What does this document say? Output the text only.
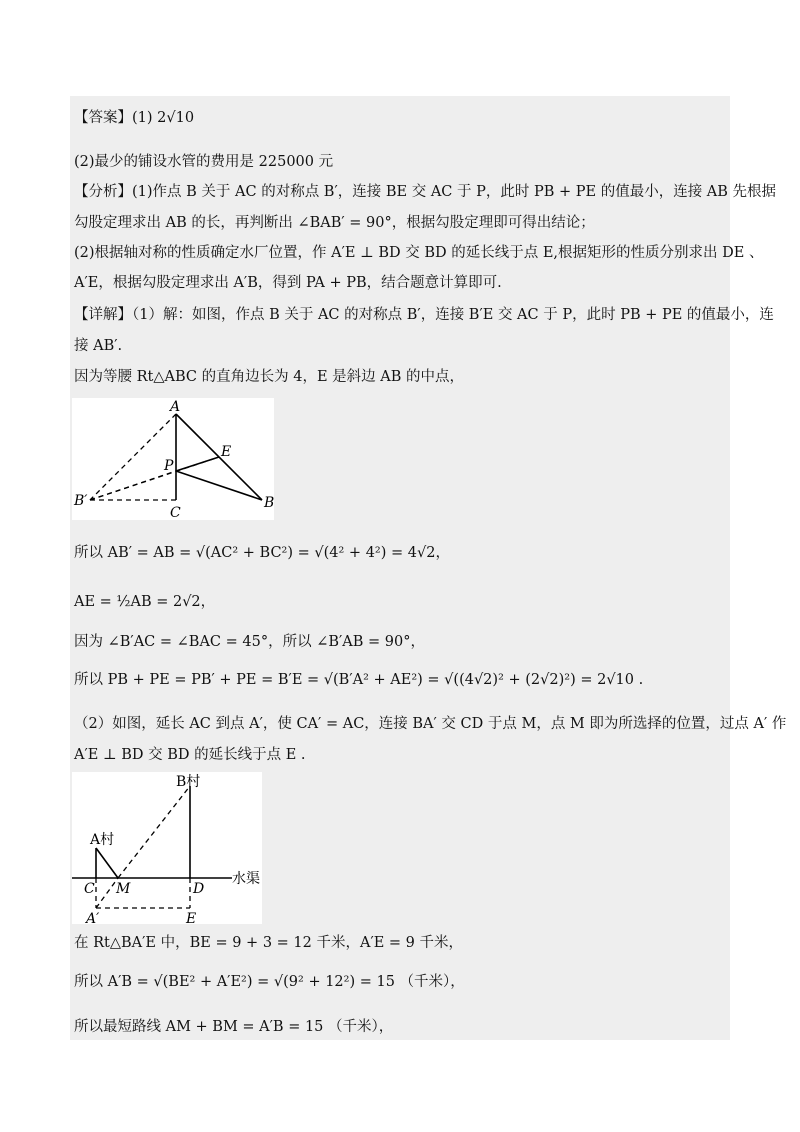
【答案】(1) 2√10
(2)最少的铺设水管的费用是 225000 元
【分析】(1)作点 B 关于 AC 的对称点 B′，连接 BE 交 AC 于 P，此时 PB + PE 的值最小，连接 AB 先根据
勾股定理求出 AB 的长，再判断出 ∠BAB′ = 90°，根据勾股定理即可得出结论；
(2)根据轴对称的性质确定水厂位置，作 A′E ⊥ BD 交 BD 的延长线于点 E,根据矩形的性质分别求出 DE 、
A′E，根据勾股定理求出 A′B，得到 PA + PB，结合题意计算即可.
【详解】（1）解：如图，作点 B 关于 AC 的对称点 B′，连接 B′E 交 AC 于 P，此时 PB + PE 的值最小，连
接 AB′.
因为等腰 Rt△ABC 的直角边长为 4，E 是斜边 AB 的中点，
A
E
P
B′	B
C
所以 AB′ = AB = √(AC² + BC²) = √(4² + 4²) = 4√2，
AE = ½AB = 2√2，
因为 ∠B′AC = ∠BAC = 45°，所以 ∠B′AB = 90°，
所以 PB + PE = PB′ + PE = B′E = √(B′A² + AE²) = √((4√2)² + (2√2)²) = 2√10 .
（2）如图，延长 AC 到点 A′，使 CA′ = AC，连接 BA′ 交 CD 于点 M，点 M 即为所选择的位置，过点 A′ 作
A′E ⊥ BD 交 BD 的延长线于点 E .
B村
A村
C M	D
水渠
A′	E
在 Rt△BA′E 中，BE = 9 + 3 = 12 千米，A′E = 9 千米，
所以 A′B = √(BE² + A′E²) = √(9² + 12²) = 15 （千米），
所以最短路线 AM + BM = A′B = 15 （千米），
